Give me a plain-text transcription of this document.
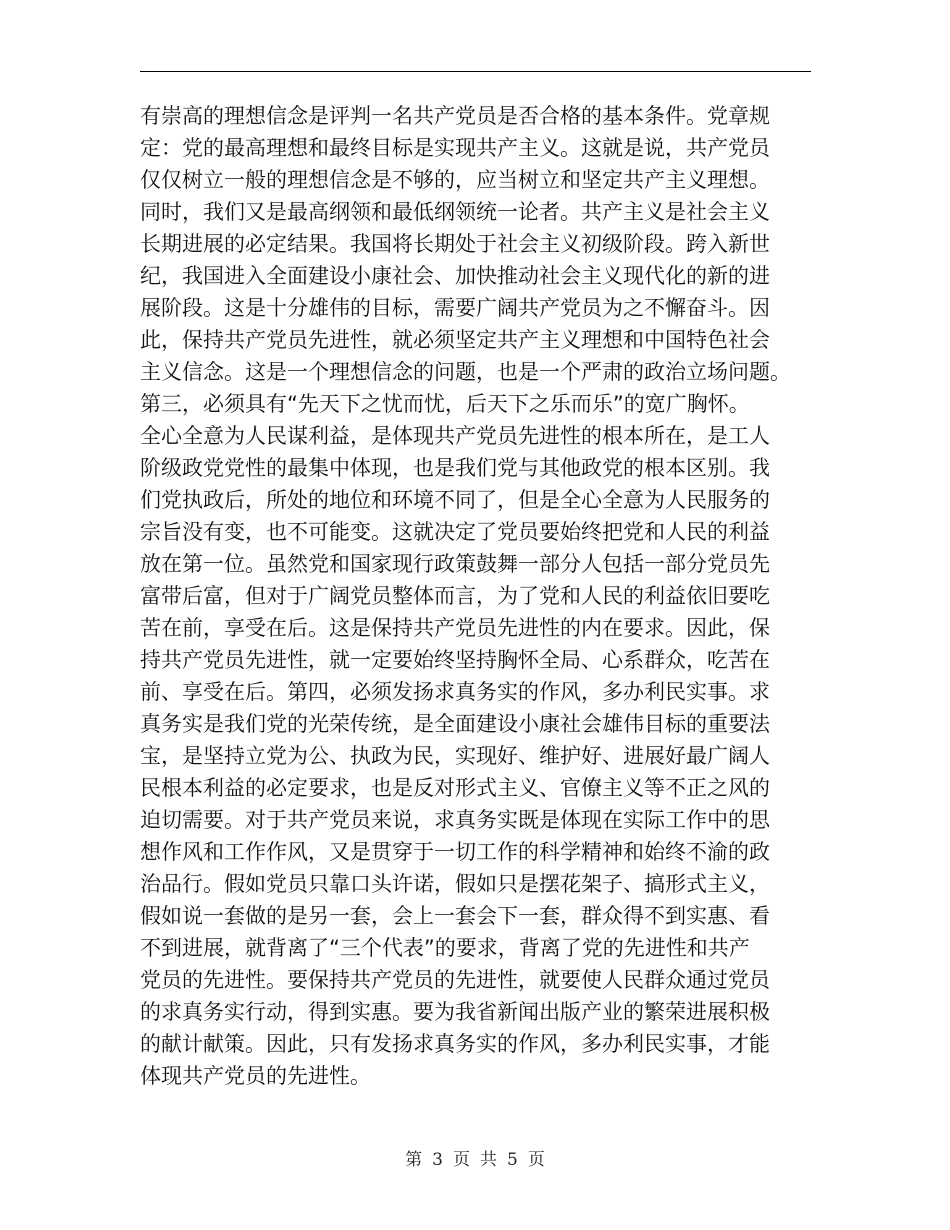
有崇高的理想信念是评判一名共产党员是否合格的基本条件。党章规
定：党的最高理想和最终目标是实现共产主义。这就是说，共产党员
仅仅树立一般的理想信念是不够的，应当树立和坚定共产主义理想。
同时，我们又是最高纲领和最低纲领统一论者。共产主义是社会主义
长期进展的必定结果。我国将长期处于社会主义初级阶段。跨入新世
纪，我国进入全面建设小康社会、加快推动社会主义现代化的新的进
展阶段。这是十分雄伟的目标，需要广阔共产党员为之不懈奋斗。因
此，保持共产党员先进性，就必须坚定共产主义理想和中国特色社会
主义信念。这是一个理想信念的问题，也是一个严肃的政治立场问题。
第三，必须具有“先天下之忧而忧，后天下之乐而乐”的宽广胸怀。
全心全意为人民谋利益，是体现共产党员先进性的根本所在，是工人
阶级政党党性的最集中体现，也是我们党与其他政党的根本区别。我
们党执政后，所处的地位和环境不同了，但是全心全意为人民服务的
宗旨没有变，也不可能变。这就决定了党员要始终把党和人民的利益
放在第一位。虽然党和国家现行政策鼓舞一部分人包括一部分党员先
富带后富，但对于广阔党员整体而言，为了党和人民的利益依旧要吃
苦在前，享受在后。这是保持共产党员先进性的内在要求。因此，保
持共产党员先进性，就一定要始终坚持胸怀全局、心系群众，吃苦在
前、享受在后。第四，必须发扬求真务实的作风，多办利民实事。求
真务实是我们党的光荣传统，是全面建设小康社会雄伟目标的重要法
宝，是坚持立党为公、执政为民，实现好、维护好、进展好最广阔人
民根本利益的必定要求，也是反对形式主义、官僚主义等不正之风的
迫切需要。对于共产党员来说，求真务实既是体现在实际工作中的思
想作风和工作作风，又是贯穿于一切工作的科学精神和始终不渝的政
治品行。假如党员只靠口头许诺，假如只是摆花架子、搞形式主义，
假如说一套做的是另一套，会上一套会下一套，群众得不到实惠、看
不到进展，就背离了“三个代表”的要求，背离了党的先进性和共产
党员的先进性。要保持共产党员的先进性，就要使人民群众通过党员
的求真务实行动，得到实惠。要为我省新闻出版产业的繁荣进展积极
的献计献策。因此，只有发扬求真务实的作风，多办利民实事，才能
体现共产党员的先进性。
第 3 页 共 5 页
